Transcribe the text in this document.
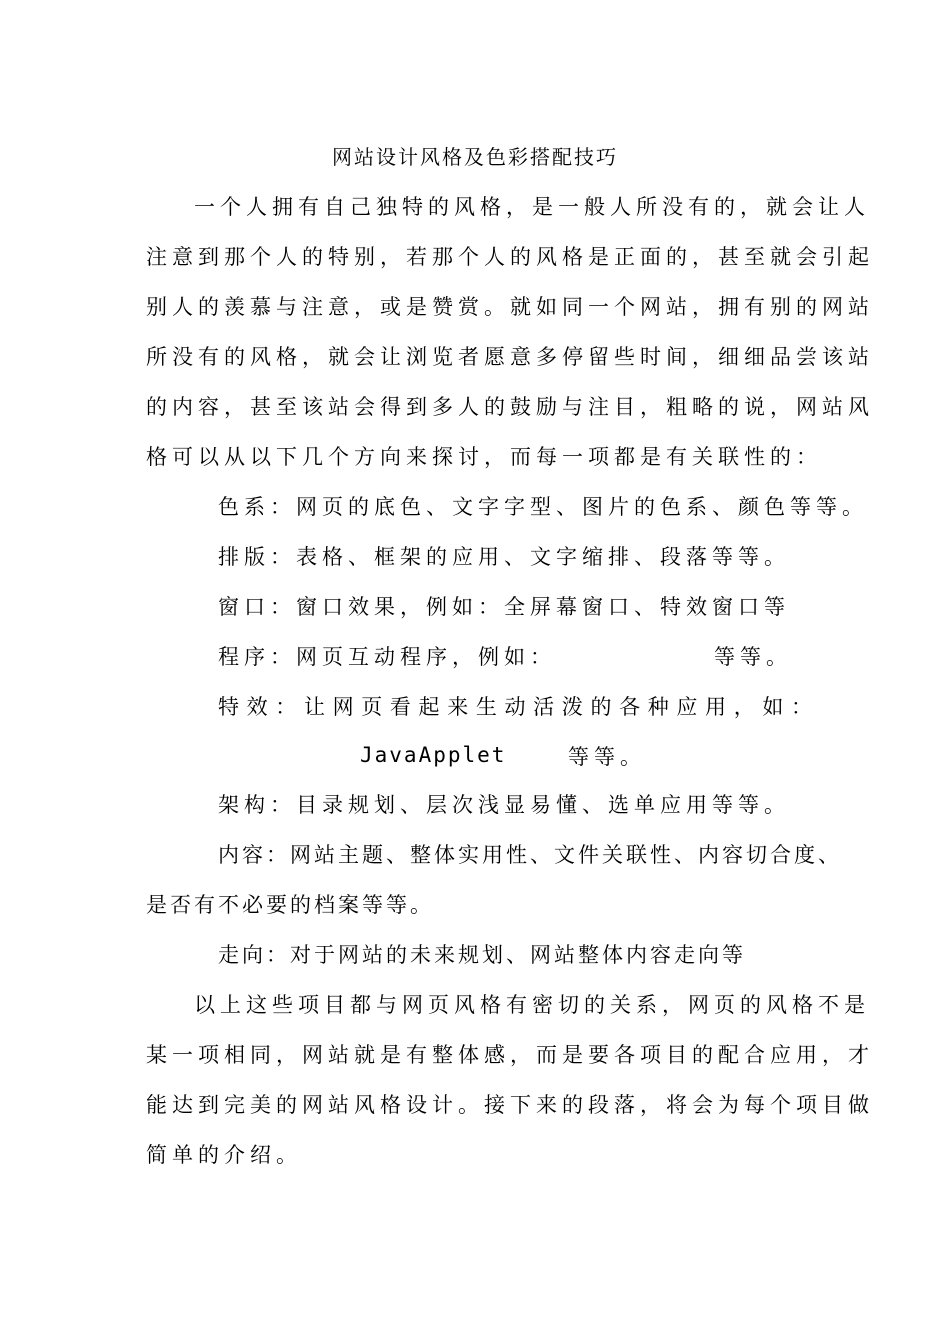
网站设计风格及色彩搭配技巧
一个人拥有自己独特的风格，是一般人所没有的，就会让人
注意到那个人的特别，若那个人的风格是正面的，甚至就会引起
别人的羡慕与注意，或是赞赏。就如同一个网站，拥有别的网站
所没有的风格，就会让浏览者愿意多停留些时间，细细品尝该站
的内容，甚至该站会得到多人的鼓励与注目，粗略的说，网站风
格可以从以下几个方向来探讨，而每一项都是有关联性的：
色系：网页的底色、文字字型、图片的色系、颜色等等。
排版：表格、框架的应用、文字缩排、段落等等。
窗口：窗口效果，例如：全屏幕窗口、特效窗口等
程序：网页互动程序，例如：	等等。
特效：让网页看起来生动活泼的各种应用，如：
JavaApplet	等等。
架构：目录规划、层次浅显易懂、选单应用等等。
内容：网站主题、整体实用性、文件关联性、内容切合度、
是否有不必要的档案等等。
走向：对于网站的未来规划、网站整体内容走向等
以上这些项目都与网页风格有密切的关系，网页的风格不是
某一项相同，网站就是有整体感，而是要各项目的配合应用，才
能达到完美的网站风格设计。接下来的段落，将会为每个项目做
简单的介绍。
